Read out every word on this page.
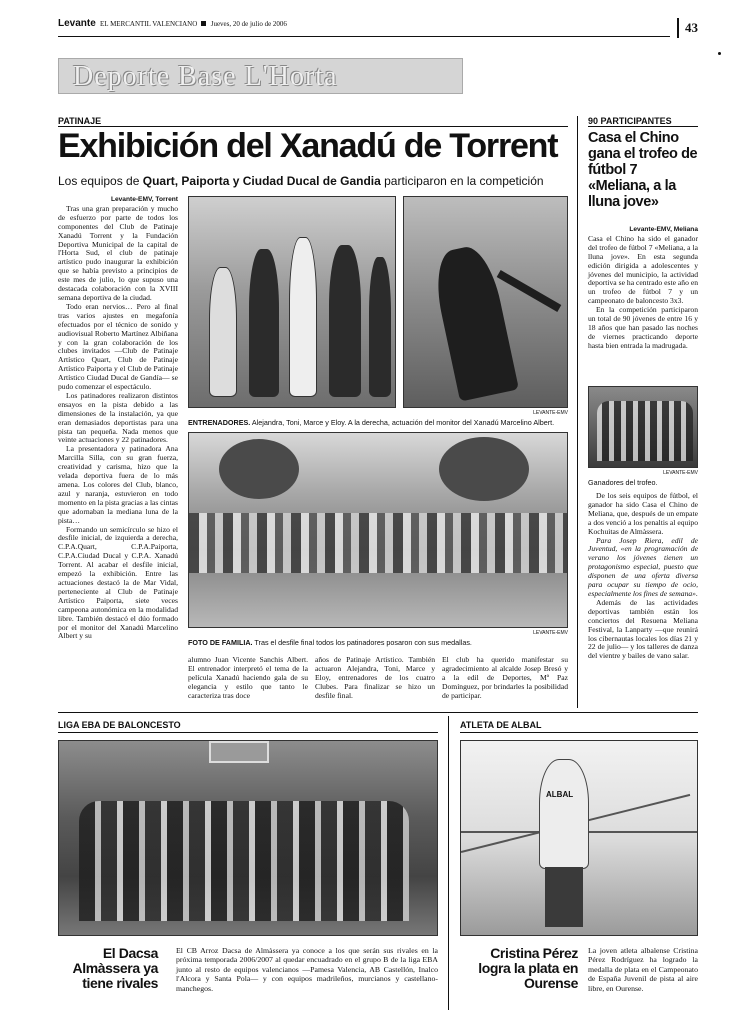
Levante EL MERCANTIL VALENCIANO Jueves, 20 de julio de 2006	43
Deporte Base L'Horta
PATINAJE
Exhibición del Xanadú de Torrent
Los equipos de Quart, Paiporta y Ciudad Ducal de Gandia participaron en la competición
Levante-EMV, Torrent

Tras una gran preparación y mucho de esfuerzo por parte de todos los componentes del Club de Patinaje Xanadú Torrent y la Fundación Deportiva Municipal de la capital de l'Horta Sud, el club de patinaje artístico pudo inaugurar la exhibición que se había previsto a principios de este mes de julio, lo que supuso una destacada colaboración con la XVIII semana deportiva de la ciudad.

Todo eran nervios… Pero al final tras varios ajustes en megafonía efectuados por el técnico de sonido y audiovisual Roberto Martínez Albiñana y con la gran colaboración de los clubes invitados —Club de Patinaje Artístico Quart, Club de Patinaje Artístico Paiporta y el Club de Patinaje Artístico Ciudad Ducal de Gandía— se pudo comenzar el espectáculo.

Los patinadores realizaron distintos ensayos en la pista debido a las dimensiones de la instalación, ya que eran demasiados deportistas para una pista tan pequeña. Nada menos que veinte actuaciones y 22 patinadores.

La presentadora y patinadora Ana Marcilla Silla, con su gran fuerza, creatividad y carisma, hizo que la velada deportiva fuera de lo más amena. Los colores del Club, blanco, azul y naranja, estuvieron en todo momento en la pista gracias a las cintas que adornaban la mediana luna de la pista…

Formando un semicírculo se hizo el desfile inicial, de izquierda a derecha, C.P.A.Quart, C.P.A.Paiporta, C.P.A.Ciudad Ducal y C.P.A. Xanadú Torrent. Al acabar el desfile inicial, empezó la exhibición. Entre las actuaciones destacó la de Mar Vidal, perteneciente al Club de Patinaje Artístico Paiporta, siete veces campeona autonómica en la modalidad libre. También destacó el dúo formado por el monitor del Xanadú Marcelino Albert y su

LEVANTE-EMV
ENTRENADORES. Alejandra, Toni, Marce y Eloy. A la derecha, actuación del monitor del Xanadú Marcelino Albert.
LEVANTE-EMV
FOTO DE FAMILIA. Tras el desfile final todos los patinadores posaron con sus medallas.
alumno Juan Vicente Sanchis Albert. El entrenador interpretó el tema de la película Xanadú haciendo gala de su elegancia y estilo que tanto le caracteriza tras doce
años de Patinaje Artístico. También actuaron Alejandra, Toni, Marce y Eloy, entrenadores de los cuatro Clubes. Para finalizar se hizo un desfile final.
El club ha querido manifestar su agradecimiento al alcalde Josep Bresó y a la edil de Deportes, Mª Paz Domínguez, por brindarles la posibilidad de participar.
90 PARTICIPANTES
Casa el Chino gana el trofeo de fútbol 7 «Meliana, a la lluna jove»
Levante-EMV, Meliana

Casa el Chino ha sido el ganador del trofeo de fútbol 7 «Meliana, a la lluna jove». En esta segunda edición dirigida a adolescentes y jóvenes del municipio, la actividad deportiva se ha centrado este año en un trofeo de fútbol 7 y un campeonato de baloncesto 3x3.

En la competición participaron un total de 90 jóvenes de entre 16 y 18 años que han pasado las noches de viernes practicando deporte hasta bien entrada la madrugada.

LEVANTE-EMV
Ganadores del trofeo.

De los seis equipos de fútbol, el ganador ha sido Casa el Chino de Meliana, que, después de un empate a dos venció a los penaltis al equipo Kochuitas de Almàssera.

Para Josep Riera, edil de Juventud, «en la programación de verano los jóvenes tienen un protagonismo especial, puesto que disponen de una oferta diversa para ocupar su tiempo de ocio, especialmente los fines de semana».

Además de las actividades deportivas también están los conciertos del Resuena Meliana Festival, la Lanparty —que reunirá los cibernautas locales los días 21 y 22 de julio— y los talleres de danza del vientre y bailes de vano salar.

LIGA EBA DE BALONCESTO
El Dacsa Almàssera ya tiene rivales
El CB Arroz Dacsa de Almàssera ya conoce a los que serán sus rivales en la próxima temporada 2006/2007 al quedar encuadrado en el grupo B de la liga EBA junto al resto de equipos valencianos —Pamesa Valencia, AB Castellón, Inalco l'Alcora y Santa Pola— y con equipos madrileños, murcianos y castellano-manchegos.
ATLETA DE ALBAL
ALBAL
Cristina Pérez logra la plata en Ourense
La joven atleta albalense Cristina Pérez Rodríguez ha logrado la medalla de plata en el Campeonato de España Juvenil de pista al aire libre, en Ourense.
